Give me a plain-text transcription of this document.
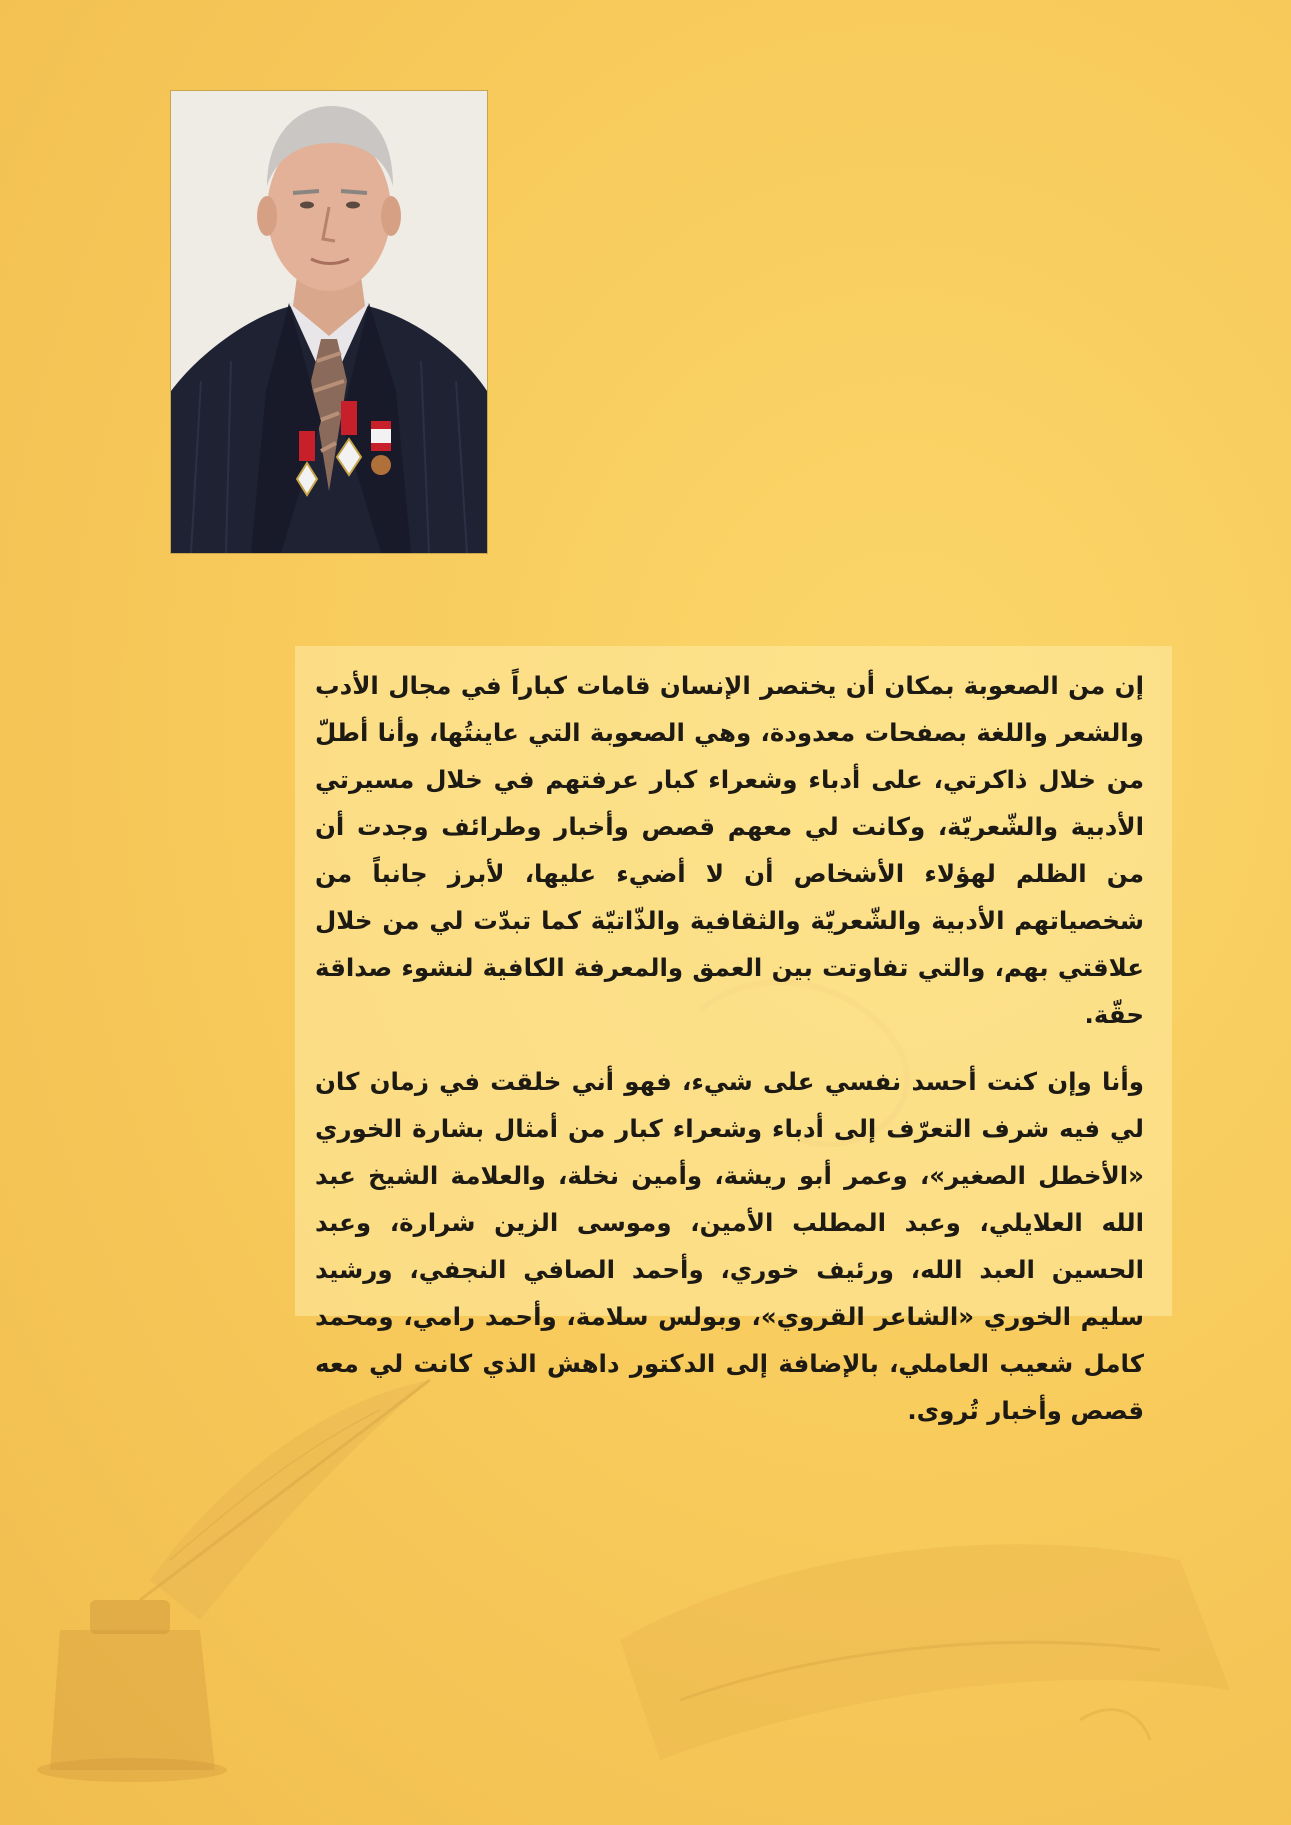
إن من الصعوبة بمكان أن يختصر الإنسان قامات كباراً في مجال الأدب والشعر واللغة بصفحات معدودة، وهي الصعوبة التي عاينتُها، وأنا أطلّ من خلال ذاكرتي، على أدباء وشعراء كبار عرفتهم في خلال مسيرتي الأدبية والشّعريّة، وكانت لي معهم قصص وأخبار وطرائف وجدت أن من الظلم لهؤلاء الأشخاص أن لا أضيء عليها، لأبرز جانباً من شخصياتهم الأدبية والشّعريّة والثقافية والذّاتيّة كما تبدّت لي من خلال علاقتي بهم، والتي تفاوتت بين العمق والمعرفة الكافية لنشوء صداقة حقّة.

وأنا وإن كنت أحسد نفسي على شيء، فهو أني خلقت في زمان كان لي فيه شرف التعرّف إلى أدباء وشعراء كبار من أمثال بشارة الخوري «الأخطل الصغير»، وعمر أبو ريشة، وأمين نخلة، والعلامة الشيخ عبد الله العلايلي، وعبد المطلب الأمين، وموسى الزين شرارة، وعبد الحسين العبد الله، ورئيف خوري، وأحمد الصافي النجفي، ورشيد سليم الخوري «الشاعر القروي»، وبولس سلامة، وأحمد رامي، ومحمد كامل شعيب العاملي، بالإضافة إلى الدكتور داهش الذي كانت لي معه قصص وأخبار تُروى.
